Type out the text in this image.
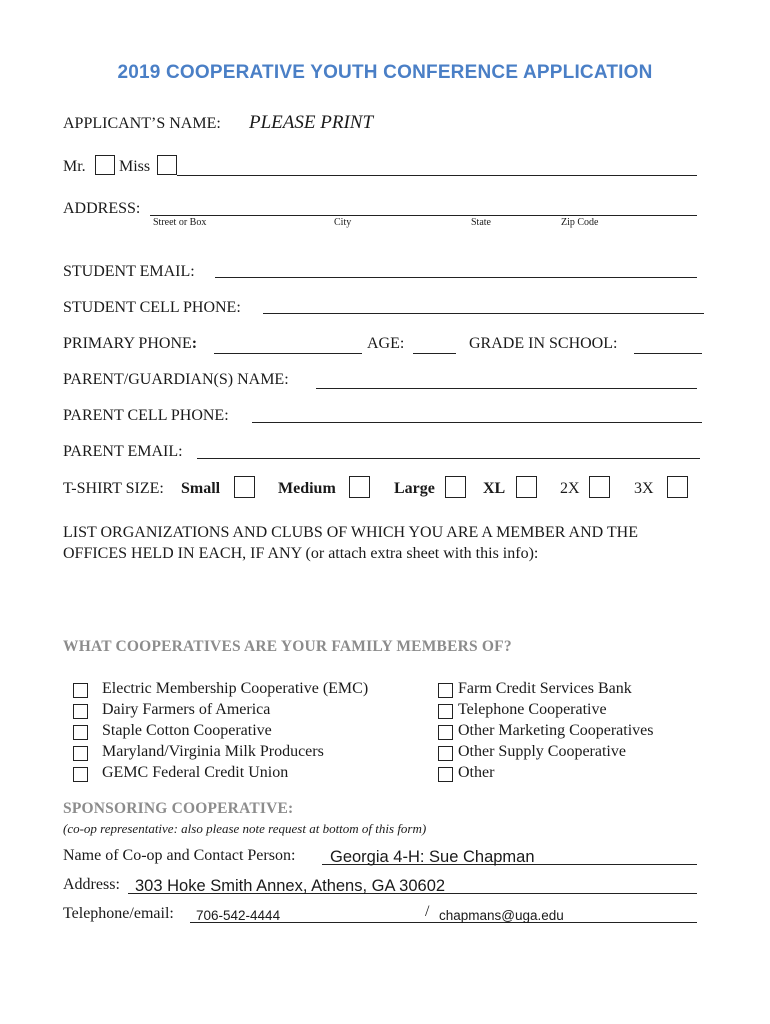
2019 COOPERATIVE YOUTH CONFERENCE APPLICATION
APPLICANT’S NAME: PLEASE PRINT
Mr. Miss
ADDRESS:
Street or Box	City	State	Zip Code
STUDENT EMAIL:
STUDENT CELL PHONE:
PRIMARY PHONE:	AGE:	GRADE IN SCHOOL:
PARENT/GUARDIAN(S) NAME:
PARENT CELL PHONE:
PARENT EMAIL:
T-SHIRT SIZE: Small	Medium	Large	XL	2X	3X
LIST ORGANIZATIONS AND CLUBS OF WHICH YOU ARE A MEMBER AND THE
OFFICES HELD IN EACH, IF ANY (or attach extra sheet with this info):
WHAT COOPERATIVES ARE YOUR FAMILY MEMBERS OF?
Electric Membership Cooperative (EMC)
Dairy Farmers of America
Staple Cotton Cooperative
Maryland/Virginia Milk Producers
GEMC Federal Credit Union
Farm Credit Services Bank
Telephone Cooperative
Other Marketing Cooperatives
Other Supply Cooperative
Other
SPONSORING COOPERATIVE:
(co-op representative: also please note request at bottom of this form)
Name of Co-op and Contact Person: Georgia 4-H: Sue Chapman
Address: 303 Hoke Smith Annex, Athens, GA 30602
Telephone/email: 706-542-4444	/ chapmans@uga.edu
